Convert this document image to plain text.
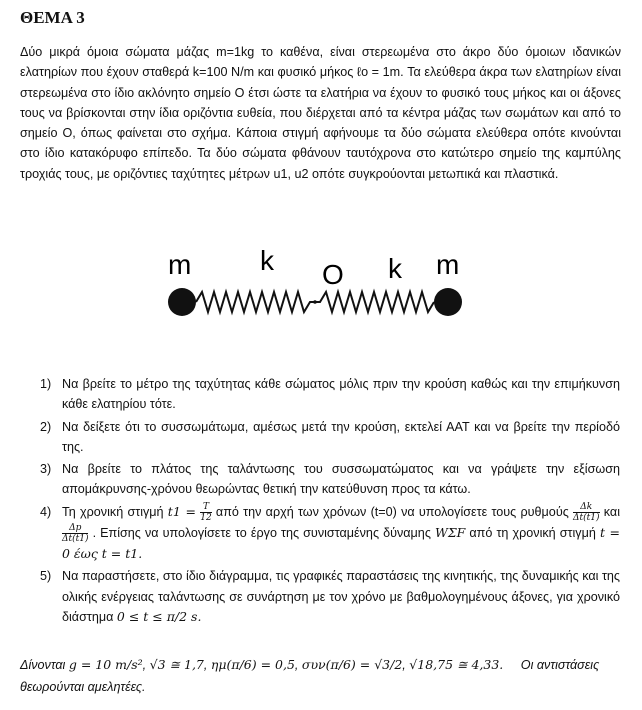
ΘΕΜΑ 3

Δύο μικρά όμοια σώματα μάζας m=1kg το καθένα, είναι στερεωμένα στο άκρο δύο όμοιων ιδανικών ελατηρίων που έχουν σταθερά k=100 N/m και φυσικό μήκος ℓο = 1m. Τα ελεύθερα άκρα των ελατηρίων είναι στερεωμένα στο ίδιο ακλόνητο σημείο Ο έτσι ώστε τα ελατήρια να έχουν το φυσικό τους μήκος και οι άξονες τους να βρίσκονται στην ίδια οριζόντια ευθεία, που διέρχεται από τα κέντρα μάζας των σωμάτων και από το σημείο Ο, όπως φαίνεται στο σχήμα. Κάποια στιγμή αφήνουμε τα δύο σώματα ελεύθερα οπότε κινούνται στο ίδιο κατακόρυφο επίπεδο. Τα δύο σώματα φθάνουν ταυτόχρονα στο κατώτερο σημείο της καμπύλης τροχιάς τους, με οριζόντιες ταχύτητες μέτρων u1, u2 οπότε συγκρούονται μετωπικά και πλαστικά.

m k O k m
1) Να βρείτε το μέτρο της ταχύτητας κάθε σώματος μόλις πριν την κρούση καθώς και την επιμήκυνση κάθε ελατηρίου τότε.
2) Να δείξετε ότι το συσσωμάτωμα, αμέσως μετά την κρούση, εκτελεί ΑΑΤ και να βρείτε την περίοδό της.
3) Να βρείτε το πλάτος της ταλάντωσης του συσσωματώματος και να γράψετε την εξίσωση απομάκρυνσης-χρόνου θεωρώντας θετική την κατεύθυνση προς τα κάτω.
4) Τη χρονική στιγμή $t1 = \frac{T}{12}$ από την αρχή των χρόνων (t=0) να υπολογίσετε τους ρυθμούς $\frac{\Delta k}{\Delta t(t1)}$ και
$\frac{\Delta p}{\Delta t(t1)}$ . Επίσης να υπολογίσετε το έργο της συνισταμένης δύναμης WΣF από τη χρονική στιγμή t = 0 έως t = t1.
5) Να παραστήσετε, στο ίδιο διάγραμμα, τις γραφικές παραστάσεις της κινητικής, της δυναμικής και της ολικής ενέργειας ταλάντωσης σε συνάρτηση με τον χρόνο με βαθμολογημένους άξονες, για χρονικό διάστημα 0 ≤ t ≤ π/2 s.
Δίνονται g = 10 m/s², √3 ≅ 1,7, ημ(π/6) = 0,5, συν(π/6) = √3/2, √18,75 ≅ 4,33. Οι αντιστάσεις θεωρούνται αμελητέες.
